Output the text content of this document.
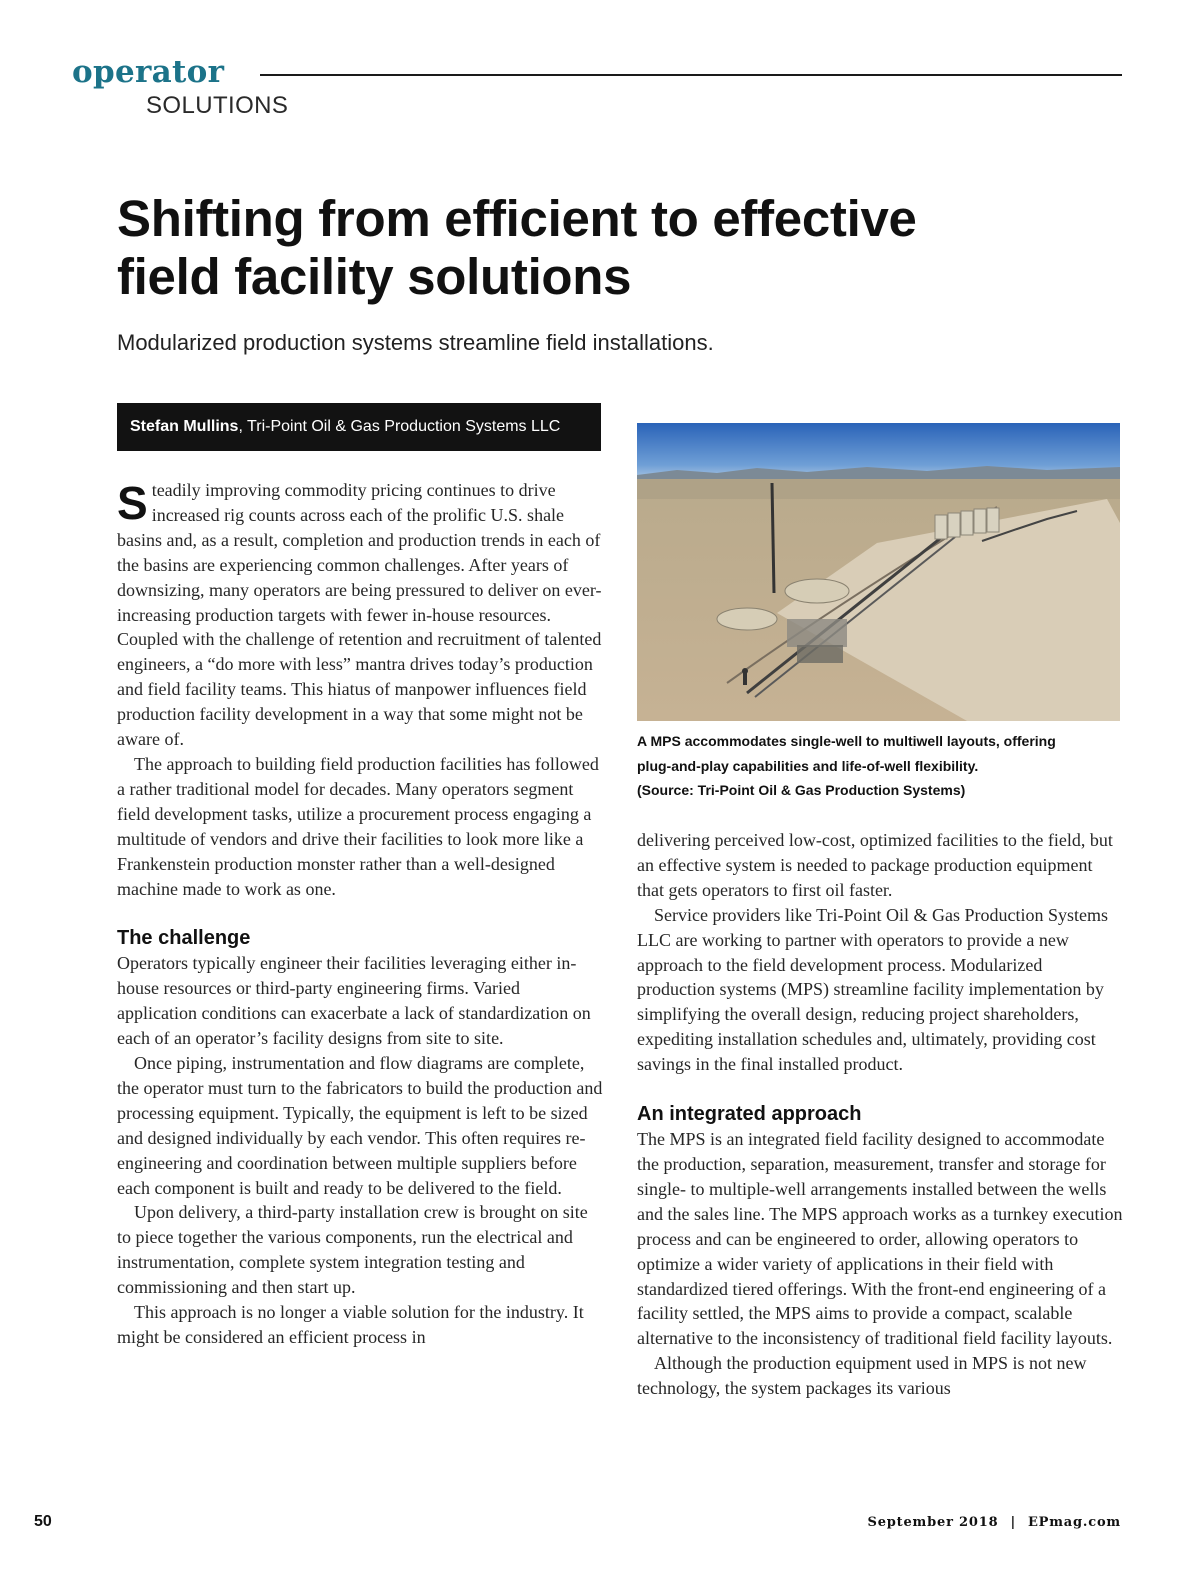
operator
SOLUTIONS
Shifting from efficient to effective
field facility solutions

Modularized production systems streamline field installations.

Stefan Mullins, Tri-Point Oil & Gas Production Systems LLC

Steadily improving commodity pricing continues to drive increased rig counts across each of the prolific U.S. shale basins and, as a result, completion and production trends in each of the basins are experiencing common challenges. After years of downsizing, many operators are being pressured to deliver on ever-increasing production targets with fewer in-house resources. Coupled with the challenge of retention and recruitment of talented engineers, a “do more with less” mantra drives today’s production and field facility teams. This hiatus of manpower influences field production facility development in a way that some might not be aware of.

The approach to building field production facilities has followed a rather traditional model for decades. Many operators segment field development tasks, utilize a procurement process engaging a multitude of vendors and drive their facilities to look more like a Frankenstein production monster rather than a well-designed machine made to work as one.

The challenge

Operators typically engineer their facilities leveraging either in-house resources or third-party engineering firms. Varied application conditions can exacerbate a lack of standardization on each of an operator’s facility designs from site to site.

Once piping, instrumentation and flow diagrams are complete, the operator must turn to the fabricators to build the production and processing equipment. Typically, the equipment is left to be sized and designed individually by each vendor. This often requires re-engineering and coordination between multiple suppliers before each component is built and ready to be delivered to the field.

Upon delivery, a third-party installation crew is brought on site to piece together the various components, run the electrical and instrumentation, complete system integration testing and commissioning and then start up.

This approach is no longer a viable solution for the industry. It might be considered an efficient process in

A MPS accommodates single-well to multiwell layouts, offering
plug-and-play capabilities and life-of-well flexibility.
(Source: Tri-Point Oil & Gas Production Systems)

delivering perceived low-cost, optimized facilities to the field, but an effective system is needed to package production equipment that gets operators to first oil faster.

Service providers like Tri-Point Oil & Gas Production Systems LLC are working to partner with operators to provide a new approach to the field development process. Modularized production systems (MPS) streamline facility implementation by simplifying the overall design, reducing project shareholders, expediting installation schedules and, ultimately, providing cost savings in the final installed product.

An integrated approach

The MPS is an integrated field facility designed to accommodate the production, separation, measurement, transfer and storage for single- to multiple-well arrangements installed between the wells and the sales line. The MPS approach works as a turnkey execution process and can be engineered to order, allowing operators to optimize a wider variety of applications in their field with standardized tiered offerings. With the front-end engineering of a facility settled, the MPS aims to provide a compact, scalable alternative to the inconsistency of traditional field facility layouts.

Although the production equipment used in MPS is not new technology, the system packages its various

50	September 2018 | EPmag.com
